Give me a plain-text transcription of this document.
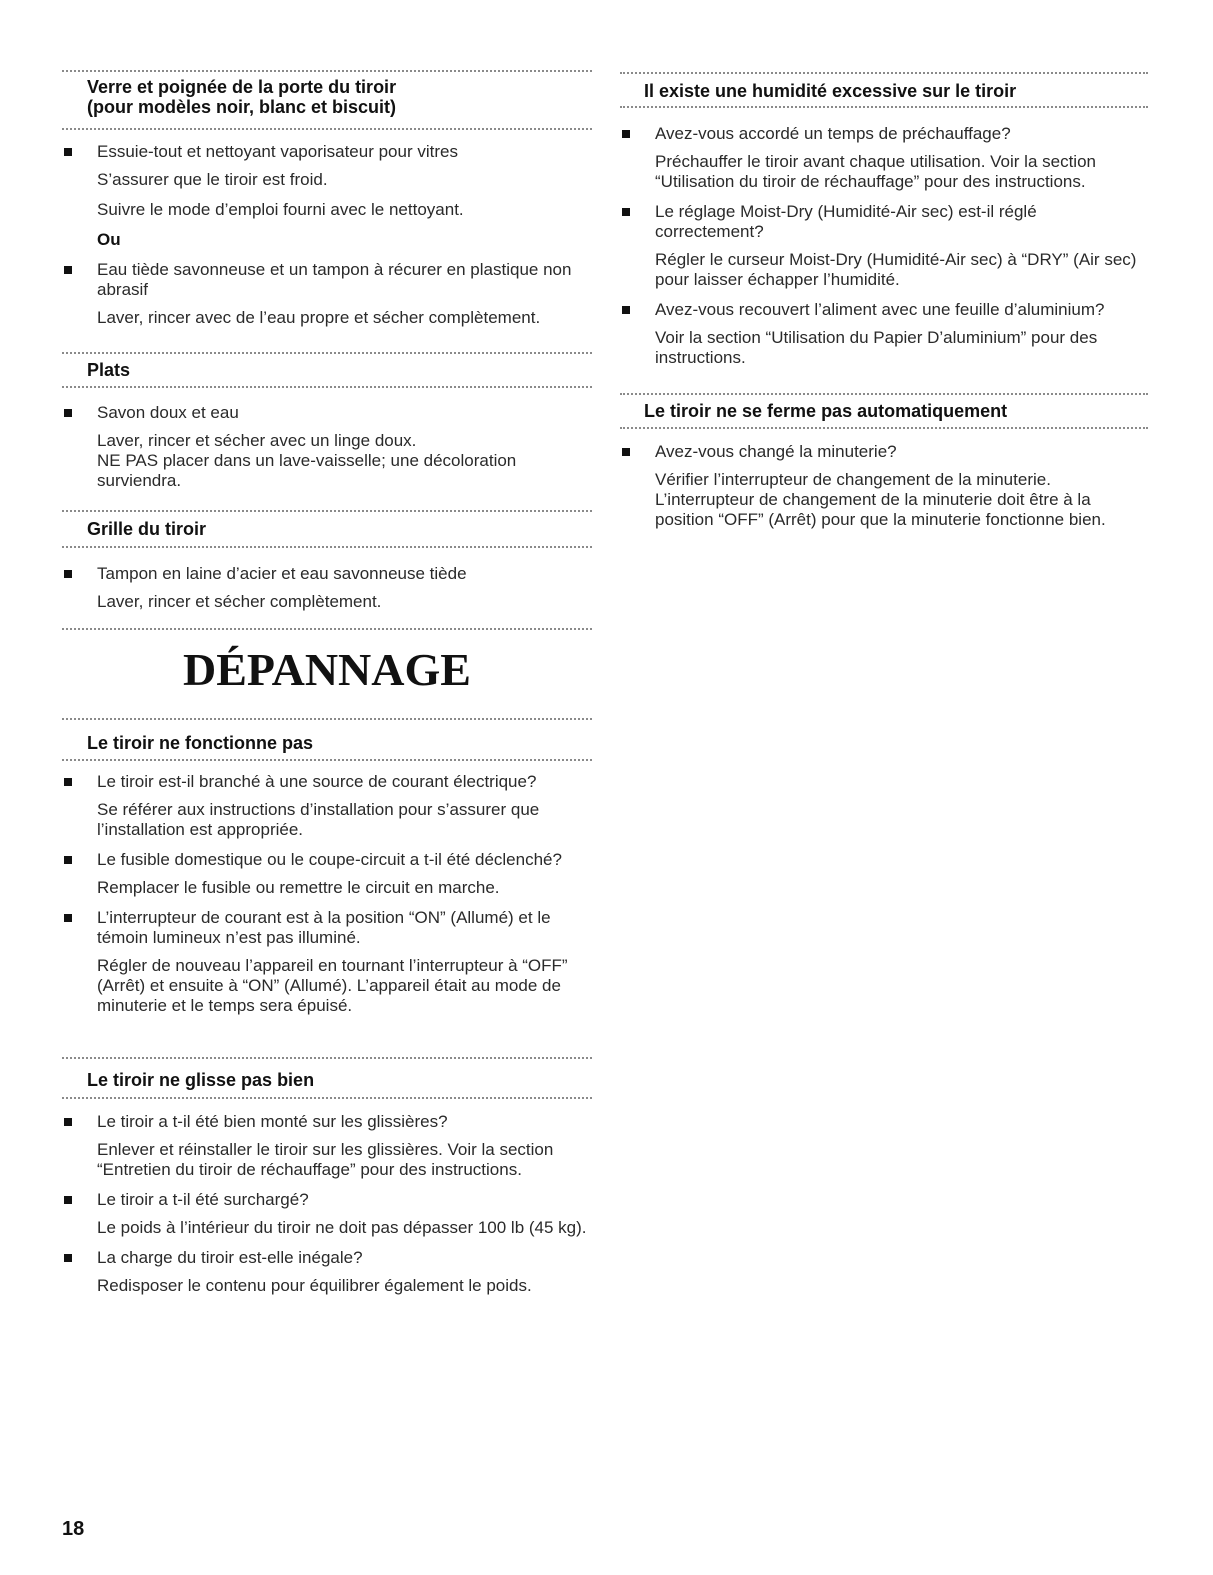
Verre et poignée de la porte du tiroir
(pour modèles noir, blanc et biscuit)

Essuie-tout et nettoyant vaporisateur pour vitres

S’assurer que le tiroir est froid.

Suivre le mode d’emploi fourni avec le nettoyant.

Ou

Eau tiède savonneuse et un tampon à récurer en plastique non abrasif

Laver, rincer avec de l’eau propre et sécher complètement.

Plats

Savon doux et eau

Laver, rincer et sécher avec un linge doux.
NE PAS placer dans un lave-vaisselle; une décoloration surviendra.

Grille du tiroir

Tampon en laine d’acier et eau savonneuse tiède

Laver, rincer et sécher complètement.

DÉPANNAGE
Le tiroir ne fonctionne pas

Le tiroir est-il branché à une source de courant électrique?

Se référer aux instructions d’installation pour s’assurer que l’installation est appropriée.

Le fusible domestique ou le coupe-circuit a t-il été déclenché?

Remplacer le fusible ou remettre le circuit en marche.

L’interrupteur de courant est à la position “ON” (Allumé) et le témoin lumineux n’est pas illuminé.

Régler de nouveau l’appareil en tournant l’interrupteur à “OFF” (Arrêt) et ensuite à “ON” (Allumé). L’appareil était au mode de minuterie et le temps sera épuisé.

Le tiroir ne glisse pas bien

Le tiroir a t-il été bien monté sur les glissières?

Enlever et réinstaller le tiroir sur les glissières. Voir la section “Entretien du tiroir de réchauffage” pour des instructions.

Le tiroir a t-il été surchargé?

Le poids à l’intérieur du tiroir ne doit pas dépasser 100 lb (45 kg).

La charge du tiroir est-elle inégale?

Redisposer le contenu pour équilibrer également le poids.

Il existe une humidité excessive sur le tiroir

Avez-vous accordé un temps de préchauffage?

Préchauffer le tiroir avant chaque utilisation. Voir la section “Utilisation du tiroir de réchauffage” pour des instructions.

Le réglage Moist-Dry (Humidité-Air sec) est-il réglé correctement?

Régler le curseur Moist-Dry (Humidité-Air sec) à “DRY” (Air sec) pour laisser échapper l’humidité.

Avez-vous recouvert l’aliment avec une feuille d’aluminium?

Voir la section “Utilisation du Papier D’aluminium” pour des instructions.

Le tiroir ne se ferme pas automatiquement

Avez-vous changé la minuterie?

Vérifier l’interrupteur de changement de la minuterie.
L’interrupteur de changement de la minuterie doit être à la position “OFF” (Arrêt) pour que la minuterie fonctionne bien.

18
